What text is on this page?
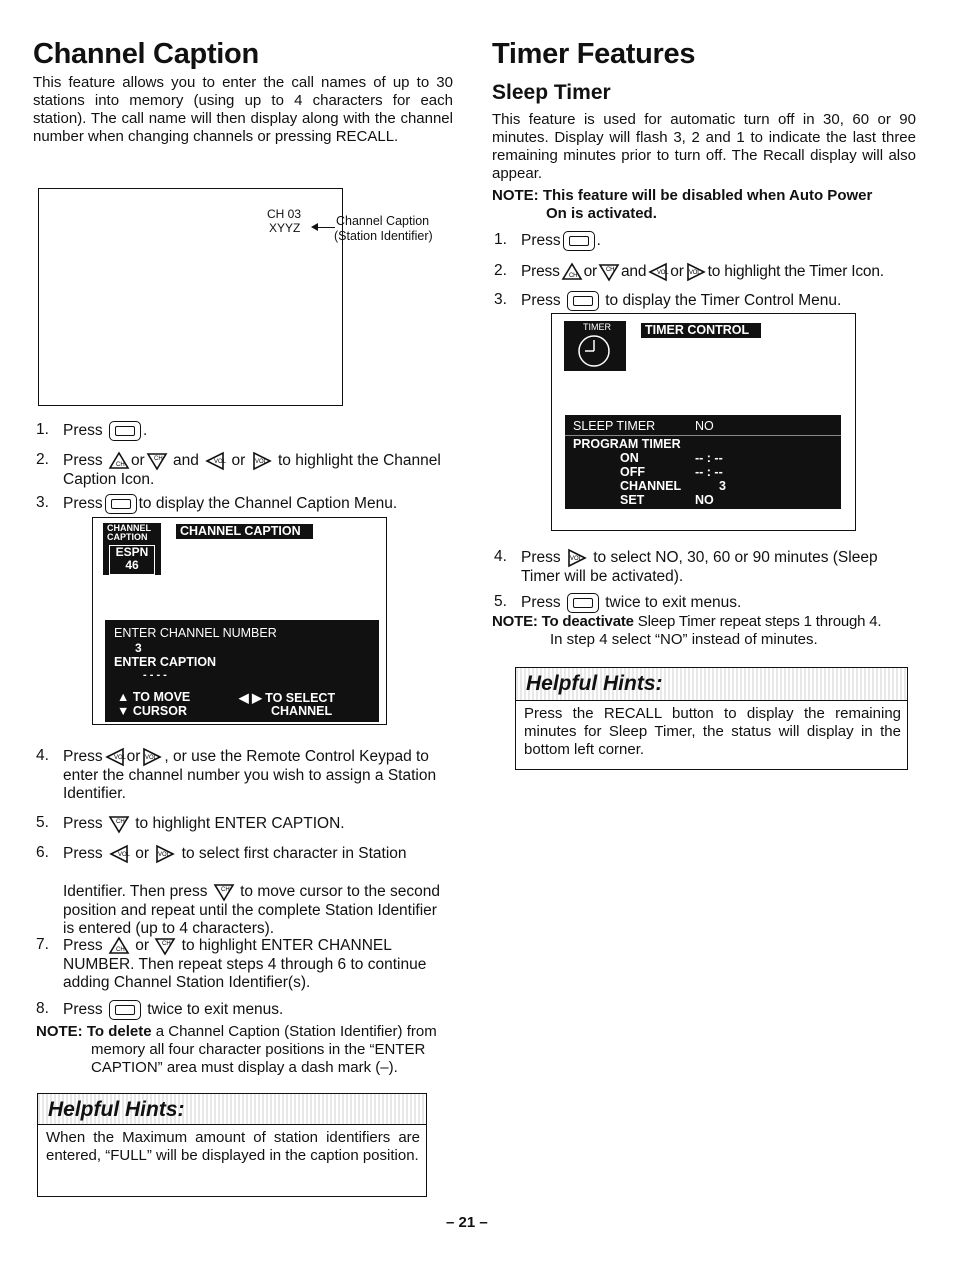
Channel Caption
This feature allows you to enter the call names of up to 30 stations into memory (using up to 4 characters for each station). The call name will then display along with the channel number when changing channels or pressing RECALL.
CH 03
XYYZ	Channel Caption
(Station Identifier)
1. Press	.
2. Press or and or to highlight the Channel
Caption Icon.
3. Press to display the Channel Caption Menu.
CHANNEL
CAPTION
ESPN
46
CHANNEL CAPTION
ENTER CHANNEL NUMBER
3
ENTER CAPTION
- - - -
▲ TO MOVE
▼ CURSOR
◀ ▶ TO SELECT
CHANNEL
4. Press or , or use the Remote Control Keypad to
enter the channel number you wish to assign a Station
Identifier.
5. Press to highlight ENTER CAPTION.
6. Press or to select first character in Station

Identifier. Then press to move cursor to the second
position and repeat until the complete Station Identifier
is entered (up to 4 characters).
7. Press or to highlight ENTER CHANNEL
NUMBER. Then repeat steps 4 through 6 to continue
adding Channel Station Identifier(s).
8. Press	twice to exit menus.
NOTE: To delete a Channel Caption (Station Identifier) from
memory all four character positions in the “ENTER
CAPTION” area must display a dash mark (–).
Helpful Hints:
When the Maximum amount of station identifiers are entered, “FULL” will be displayed in the caption position.
Timer Features
Sleep Timer
This feature is used for automatic turn off in 30, 60 or 90 minutes. Display will flash 3, 2 and 1 to indicate the last three remaining minutes prior to turn off. The Recall display will also appear.
NOTE: This feature will be disabled when Auto Power
On is activated.
1. Press .
2. Press or and or to highlight the Timer Icon.
3. Press	to display the Timer Control Menu.
TIMER	TIMER CONTROL
SLEEP TIMER	NO
PROGRAM TIMER
ON	-- : --
OFF	-- : --
CHANNEL	3
SET	NO
4. Press to select NO, 30, 60 or 90 minutes (Sleep
Timer will be activated).
5. Press	twice to exit menus.
NOTE: To deactivate Sleep Timer repeat steps 1 through 4.
In step 4 select “NO” instead of minutes.
Helpful Hints:
Press the RECALL button to display the remaining minutes for Sleep Timer, the status will display in the bottom left corner.
– 21 –
